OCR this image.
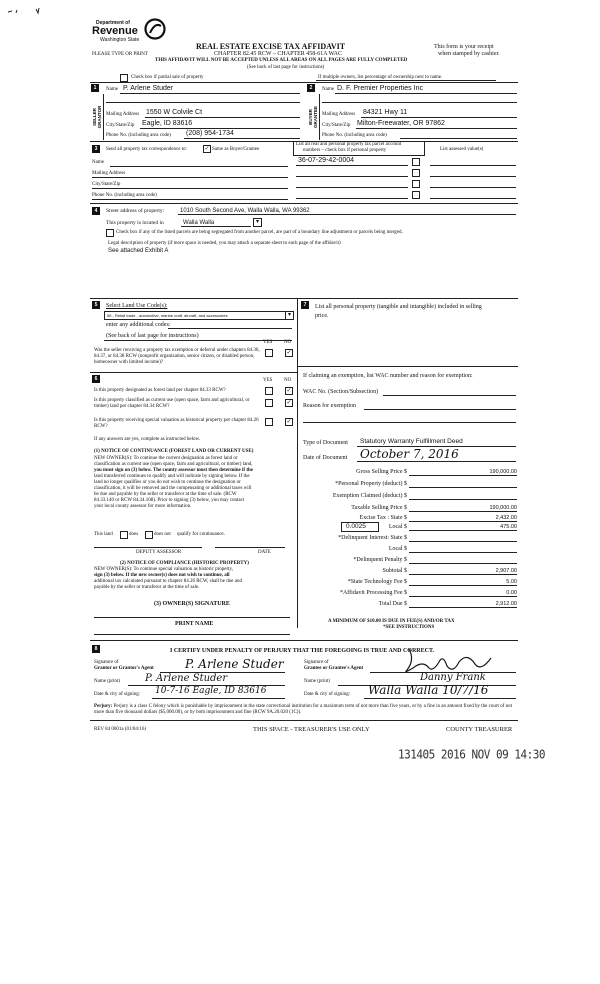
Department of
Revenue
Washington State
REAL ESTATE EXCISE TAX AFFIDAVIT
CHAPTER 82.45 RCW – CHAPTER 458-61A WAC
THIS AFFIDAVIT WILL NOT BE ACCEPTED UNLESS ALL AREAS ON ALL PAGES ARE FULLY COMPLETED
(See back of last page for instructions)
PLEASE TYPE OR PRINT
This form is your receipt
when stamped by cashier.
Check box if partial sale of property	If multiple owners, list percentage of ownership next to name.
1
SELLER
GRANTOR
Name P. Arlene Studer
Mailing Address 1550 W Colvile Ct
City/State/Zip Eagle, ID 83616
Phone No. (including area code) (208) 954-1734
2
BUYER
GRANTEE
Name D. F. Premier Properties Inc
Mailing Address 84321 Hwy 11
City/State/Zip Milton-Freewater, OR 97862
Phone No. (including area code)
3	Send all property tax correspondence to:	✓ Same as Buyer/Grantee
Name
Mailing Address
City/State/Zip
Phone No. (including area code)
List all real and personal property tax parcel account
numbers – check box if personal property	List assessed value(s)
36-07-29-42-0004
4	Street address of property:	1010 South Second Ave, Walla Walla, WA 99362
This property is located in	Walla Walla	▾
Check box if any of the listed parcels are being segregated from another parcel, are part of a boundary line adjustment or parcels being merged.
Legal description of property (if more space is needed, you may attach a separate sheet to each page of the affidavit)
See attached Exhibit A
5	Select Land Use Code(s):
56 - Retail trade - automotive, marine craft, aircraft, and accessories	▾
enter any additional codes:
(See back of last page for instructions)
YES NO
Was the seller receiving a property tax exemption or deferral under chapters 84.36, 84.37, or 84.38 RCW (nonprofit organization, senior citizen, or disabled person, homeowner with limited income)?
✓
6	YES NO
Is this property designated as forest land per chapter 84.33 RCW?	✓
Is this property classified as current use (open space, farm and agricultural, or timber) land per chapter 84.34 RCW?
✓
Is this property receiving special valuation as historical property per chapter 84.26 RCW?
✓
If any answers are yes, complete as instructed below.
(1) NOTICE OF CONTINUANCE (FOREST LAND OR CURRENT USE)
NEW OWNER(S): To continue the current designation as forest land or
classification as current use (open space, farm and agricultural, or timber) land,
you must sign on (3) below. The county assessor must then determine if the
land transferred continues to qualify and will indicate by signing below. If the
land no longer qualifies or you do not wish to continue the designation or
classification, it will be removed and the compensating or additional taxes will
be due and payable by the seller or transferor at the time of sale. (RCW
84.33.140 or RCW 84.34.108). Prior to signing (3) below, you may contact
your local county assessor for more information.
This land	does	does not qualify for continuance.
DEPUTY ASSESSOR	DATE
(2) NOTICE OF COMPLIANCE (HISTORIC PROPERTY)
NEW OWNER(S): To continue special valuation as historic property,
sign (3) below. If the new owner(s) does not wish to continue, all
additional tax calculated pursuant to chapter 84.26 RCW, shall be due and
payable by the seller or transferor at the time of sale.
(3) OWNER(S) SIGNATURE
PRINT NAME
7	List all personal property (tangible and intangible) included in selling
price.
If claiming an exemption, list WAC number and reason for exemption:
WAC No. (Section/Subsection)
Reason for exemption
Type of Document Statutory Warranty Fulfillment Deed
Date of Document October 7, 2016
Gross Selling Price $	190,000.00
*Personal Property (deduct) $
Exemption Claimed (deduct) $
Taxable Selling Price $	190,000.00
Excise Tax : State $	2,432.00
0.0025	Local $	475.00
*Delinquent Interest: State $
Local $
*Delinquent Penalty $
Subtotal $	2,907.00
*State Technology Fee $	5.00
*Affidavit Processing Fee $	0.00
Total Due $	2,912.00
A MINIMUM OF $10.00 IS DUE IN FEE(S) AND/OR TAX
*SEE INSTRUCTIONS
8	I CERTIFY UNDER PENALTY OF PERJURY THAT THE FOREGOING IS TRUE AND CORRECT.
Signature of
Grantor or Grantor's Agent	P. Arlene Studer
Name (print)	P. Arlene Studer
Date & city of signing: 10-7-16 Eagle, ID 83616
Signature of
Grantee or Grantee's Agent
Name (print)	Danny Frank
Date & city of signing: Walla Walla 10/7/16
Perjury: Perjury is a class C felony which is punishable by imprisonment in the state correctional institution for a maximum term of not more than five years, or by a fine in an amount fixed by the court of not more than five thousand dollars ($5,000.00), or by both imprisonment and fine (RCW 9A.20.020 (1C)).
REV 84 0001a (01/04/16)	THIS SPACE - TREASURER'S USE ONLY	COUNTY TREASURER
131405 2016 NOV 09 14:30
